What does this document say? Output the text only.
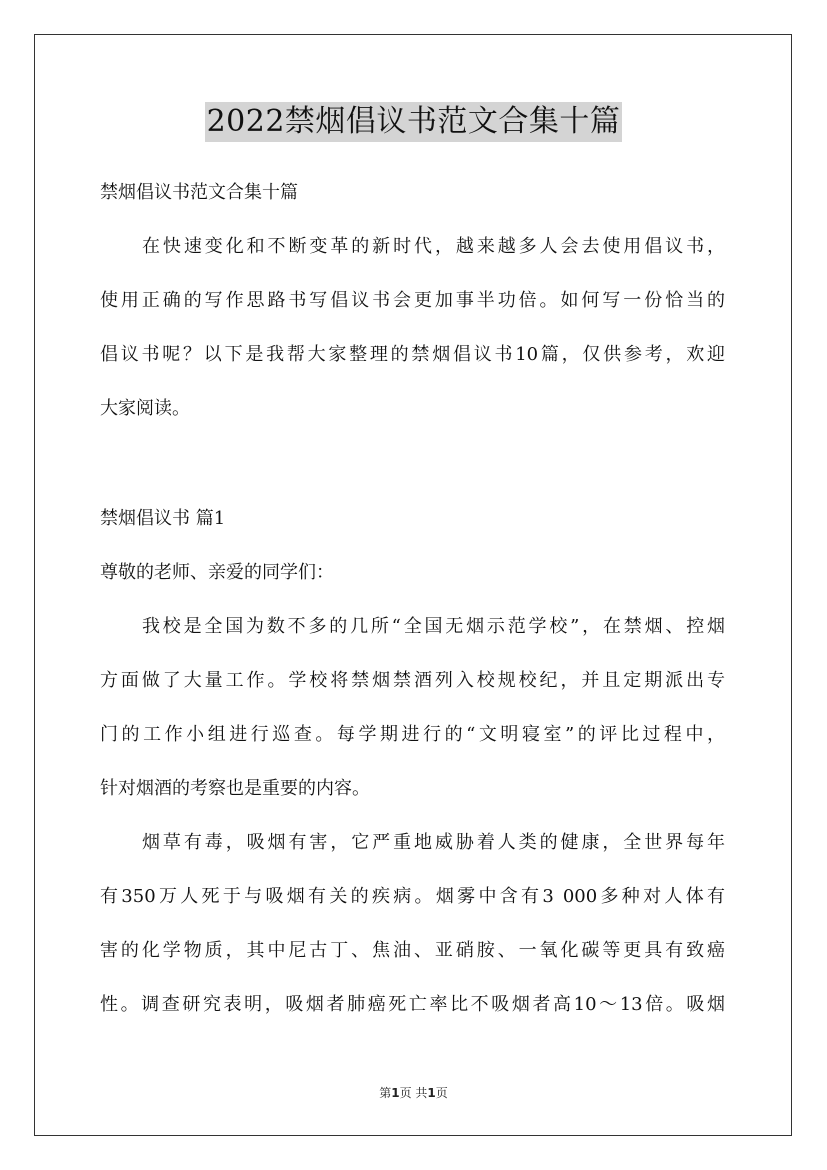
2022禁烟倡议书范文合集十篇
禁烟倡议书范文合集十篇
在快速变化和不断变革的新时代，越来越多人会去使用倡议书，
使用正确的写作思路书写倡议书会更加事半功倍。如何写一份恰当的
倡议书呢？以下是我帮大家整理的禁烟倡议书10篇，仅供参考，欢迎
大家阅读。
禁烟倡议书 篇1
尊敬的老师、亲爱的同学们：
我校是全国为数不多的几所“全国无烟示范学校”，在禁烟、控烟
方面做了大量工作。学校将禁烟禁酒列入校规校纪，并且定期派出专
门的工作小组进行巡查。每学期进行的“文明寝室”的评比过程中，
针对烟酒的考察也是重要的内容。
烟草有毒，吸烟有害，它严重地威胁着人类的健康，全世界每年
有350万人死于与吸烟有关的疾病。烟雾中含有3 000多种对人体有
害的化学物质，其中尼古丁、焦油、亚硝胺、一氧化碳等更具有致癌
性。调查研究表明，吸烟者肺癌死亡率比不吸烟者高10～13倍。吸烟
第1页 共1页
